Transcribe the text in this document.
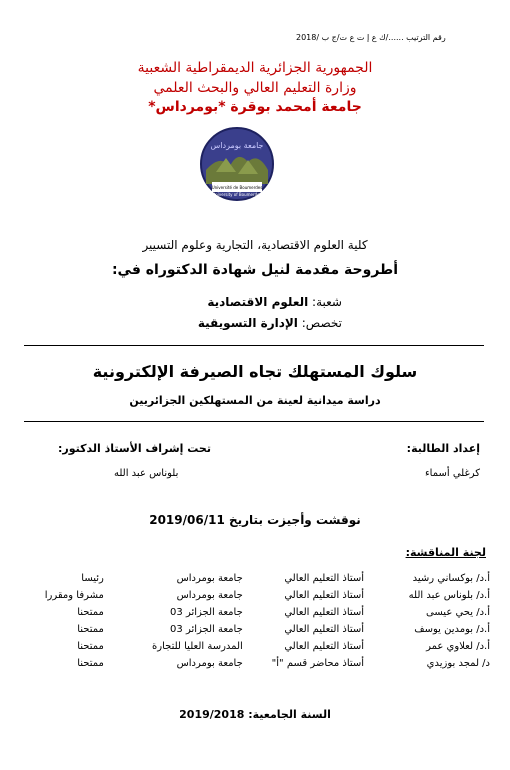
رقم الترتيب ....../ك ع إ ت ع ت/ج ب /2018
الجمهورية الجزائرية الديمقراطية الشعبية
وزارة التعليم العالي والبحث العلمي
جامعة أمحمد بوقرة *بومرداس*
جامعة بومرداس
Université de Boumerdes
University of Boumerdes
كلية العلوم الاقتصادية، التجارية وعلوم التسيير
أطروحة مقدمة لنيل شهادة الدكتوراه في:
شعبة: العلوم الاقتصادية
تخصص: الإدارة التسويقية
سلوك المستهلك تجاه الصيرفة الإلكترونية
دراسة ميدانية لعينة من المستهلكين الجزائريين
إعداد الطالبة:
كرغلي أسماء
تحت إشراف الأستاذ الدكتور:
بلوناس عبد الله
نوقشت وأجيزت بتاريخ 2019/06/11
لجنة المناقشة:
أ.د/ بوكساني رشيد	أستاذ التعليم العالي	جامعة بومرداس	رئيسا
أ.د/ بلوناس عبد الله	أستاذ التعليم العالي	جامعة بومرداس	مشرفا ومقررا
أ.د/ يحي عيسى	أستاذ التعليم العالي	جامعة الجزائر 03	ممتحنا
أ.د/ بومدين يوسف	أستاذ التعليم العالي	جامعة الجزائر 03	ممتحنا
أ.د/ لعلاوي عمر	أستاذ التعليم العالي	المدرسة العليا للتجارة	ممتحنا
د/ لمجد بوزيدي	أستاذ محاضر قسم "أ"	جامعة بومرداس	ممتحنا
السنة الجامعية: 2019/2018
